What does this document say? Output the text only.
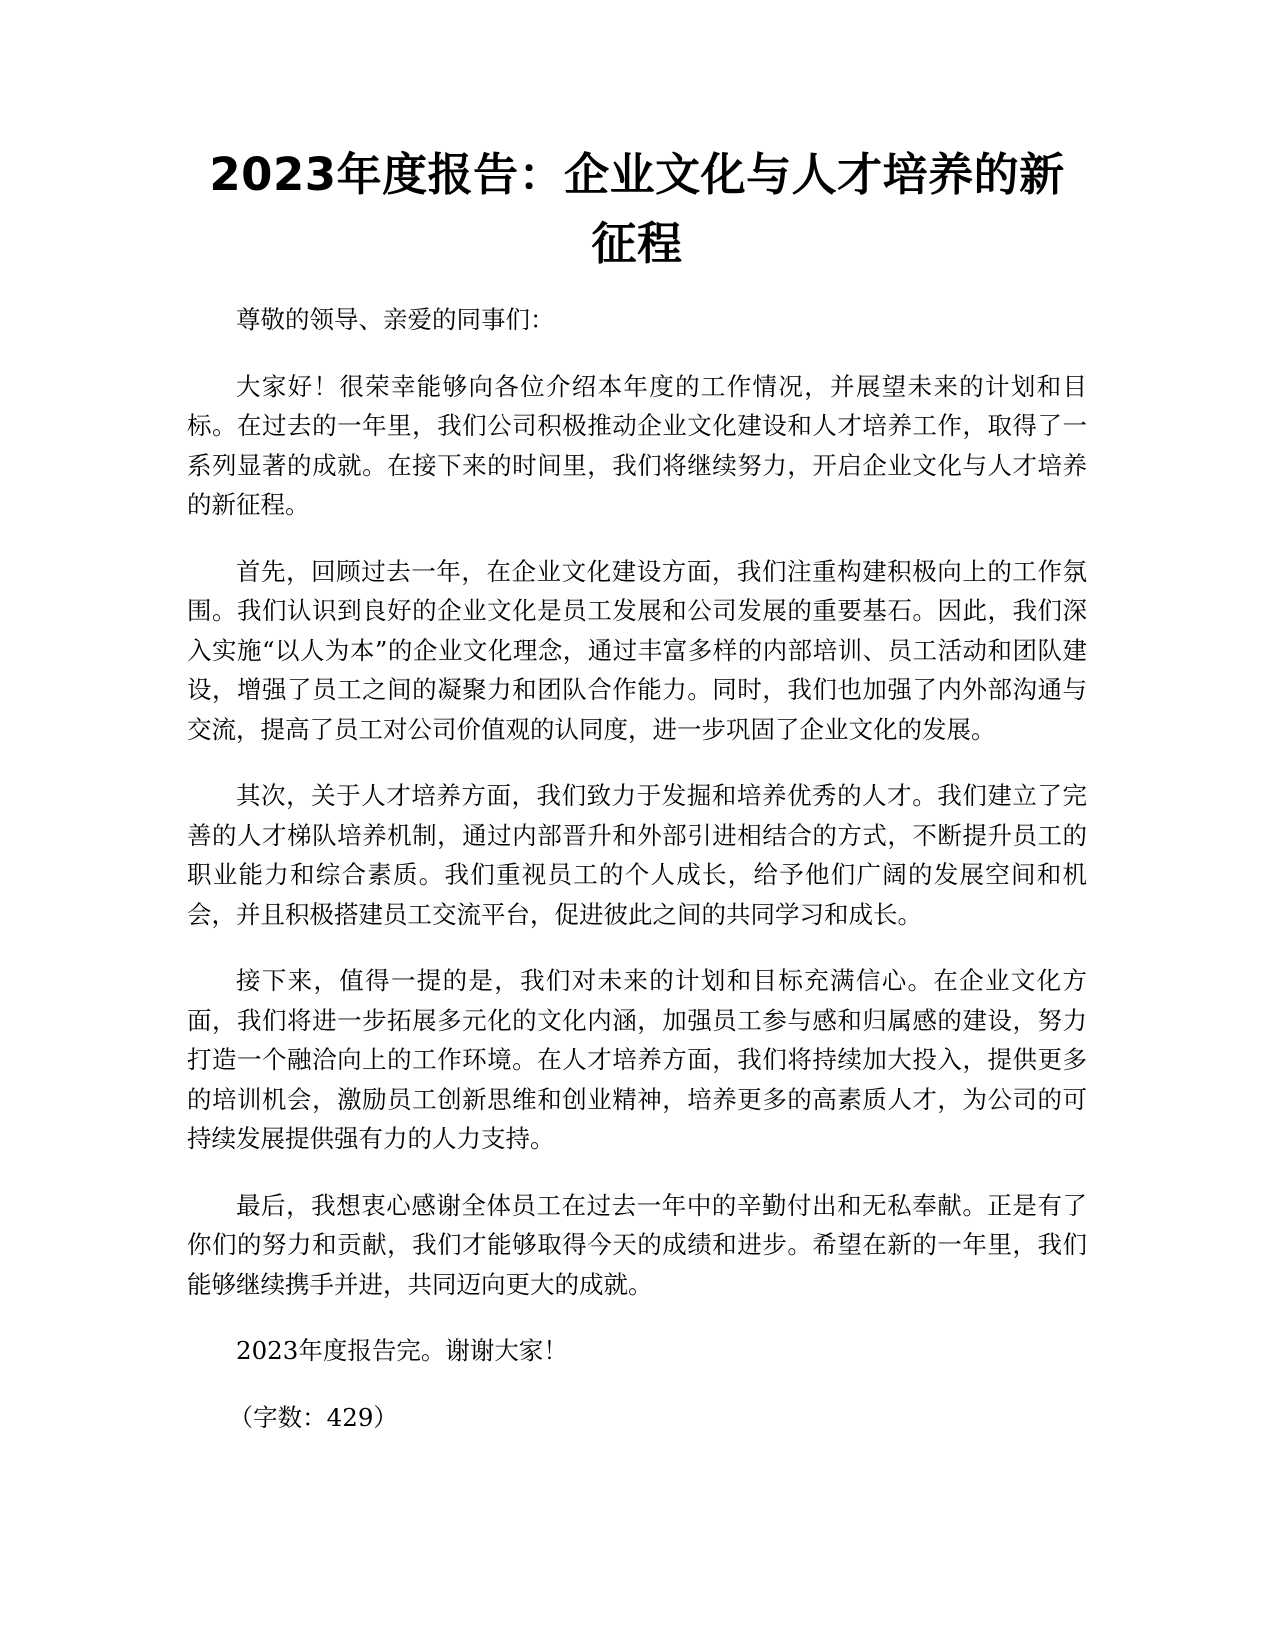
2023年度报告：企业文化与人才培养的新征程

尊敬的领导、亲爱的同事们：

大家好！很荣幸能够向各位介绍本年度的工作情况，并展望未来的计划和目标。在过去的一年里，我们公司积极推动企业文化建设和人才培养工作，取得了一系列显著的成就。在接下来的时间里，我们将继续努力，开启企业文化与人才培养的新征程。

首先，回顾过去一年，在企业文化建设方面，我们注重构建积极向上的工作氛围。我们认识到良好的企业文化是员工发展和公司发展的重要基石。因此，我们深入实施“以人为本”的企业文化理念，通过丰富多样的内部培训、员工活动和团队建设，增强了员工之间的凝聚力和团队合作能力。同时，我们也加强了内外部沟通与交流，提高了员工对公司价值观的认同度，进一步巩固了企业文化的发展。

其次，关于人才培养方面，我们致力于发掘和培养优秀的人才。我们建立了完善的人才梯队培养机制，通过内部晋升和外部引进相结合的方式，不断提升员工的职业能力和综合素质。我们重视员工的个人成长，给予他们广阔的发展空间和机会，并且积极搭建员工交流平台，促进彼此之间的共同学习和成长。

接下来，值得一提的是，我们对未来的计划和目标充满信心。在企业文化方面，我们将进一步拓展多元化的文化内涵，加强员工参与感和归属感的建设，努力打造一个融洽向上的工作环境。在人才培养方面，我们将持续加大投入，提供更多的培训机会，激励员工创新思维和创业精神，培养更多的高素质人才，为公司的可持续发展提供强有力的人力支持。

最后，我想衷心感谢全体员工在过去一年中的辛勤付出和无私奉献。正是有了你们的努力和贡献，我们才能够取得今天的成绩和进步。希望在新的一年里，我们能够继续携手并进，共同迈向更大的成就。

2023年度报告完。谢谢大家！

（字数：429）
